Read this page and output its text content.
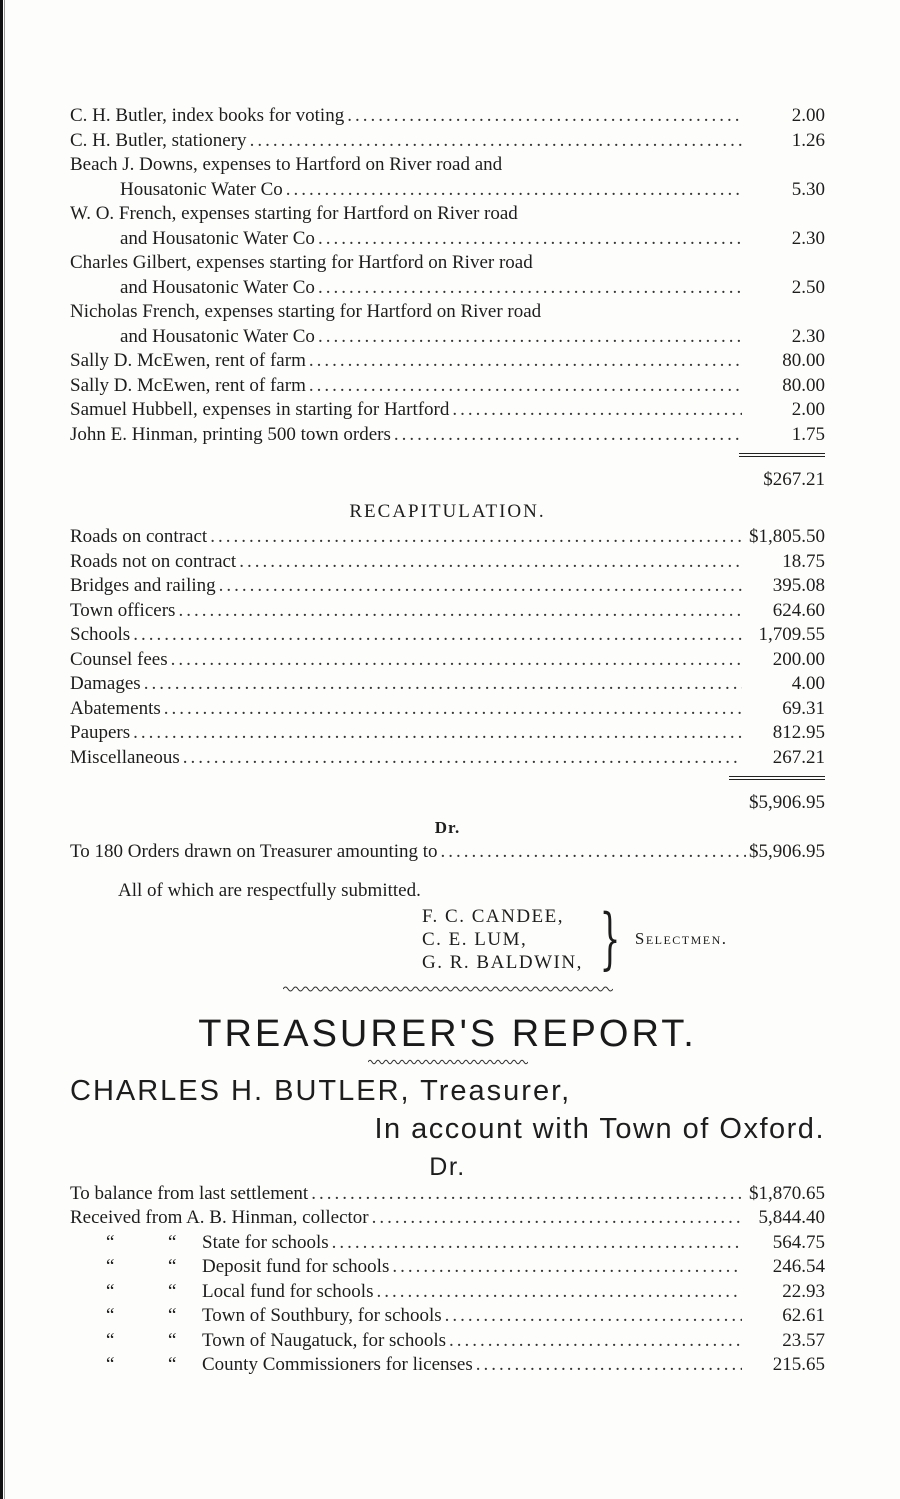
C. H. Butler, index books for voting .....	2.00
C. H. Butler, stationery .....	1.26
Beach J. Downs, expenses to Hartford on River road and
Housatonic Water Co .....	5.30
W. O. French, expenses starting for Hartford on River road
and Housatonic Water Co .....	2.30
Charles Gilbert, expenses starting for Hartford on River road
and Housatonic Water Co .....	2.50
Nicholas French, expenses starting for Hartford on River road
and Housatonic Water Co .....	2.30
Sally D. McEwen, rent of farm .....	80.00
Sally D. McEwen, rent of farm .....	80.00
Samuel Hubbell, expenses in starting for Hartford .....	2.00
John E. Hinman, printing 500 town orders .....	1.75
$267.21
RECAPITULATION.
Roads on contract .....	$1,805.50
Roads not on contract .....	18.75
Bridges and railing .....	395.08
Town officers .....	624.60
Schools .....	1,709.55
Counsel fees .....	200.00
Damages .....	4.00
Abatements .....	69.31
Paupers .....	812.95
Miscellaneous .....	267.21
$5,906.95
Dr.
To 180 Orders drawn on Treasurer amounting to .....	$5,906.95
All of which are respectfully submitted.
F. C. CANDEE,
C. E. LUM,
G. R. BALDWIN, } Selectmen.
TREASURER'S REPORT.
CHARLES H. BUTLER, Treasurer,
In account with Town of Oxford.
Dr.
To balance from last settlement .....	$1,870.65
Received from A. B. Hinman, collector .....	5,844.40
“	“ State for schools .....	564.75
“	“ Deposit fund for schools .....	246.54
“	“ Local fund for schools .....	22.93
“	“ Town of Southbury, for schools .....	62.61
“	“ Town of Naugatuck, for schools .....	23.57
“	“ County Commissioners for licenses .....	215.65
